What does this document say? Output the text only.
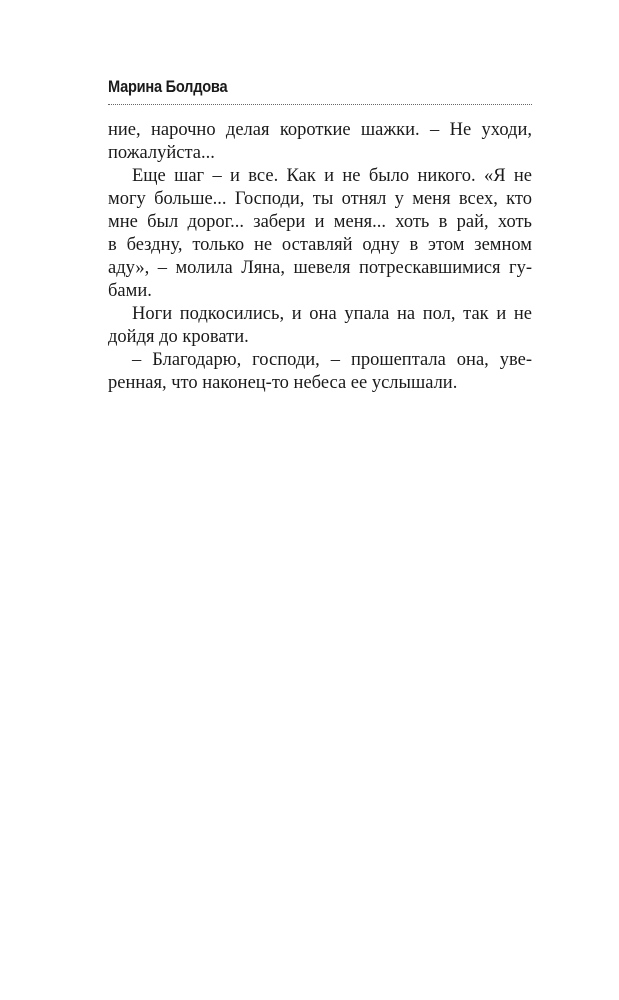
Марина Болдова
ние, нарочно делая короткие шажки. – Не уходи,
пожалуйста...
Еще шаг – и все. Как и не было никого. «Я не
могу больше... Господи, ты отнял у меня всех, кто
мне был дорог... забери и меня... хоть в рай, хоть
в бездну, только не оставляй одну в этом земном
аду», – молила Ляна, шевеля потрескавшимися гу-
бами.
Ноги подкосились, и она упала на пол, так и не
дойдя до кровати.
– Благодарю, господи, – прошептала она, уве-
ренная, что наконец-то небеса ее услышали.
